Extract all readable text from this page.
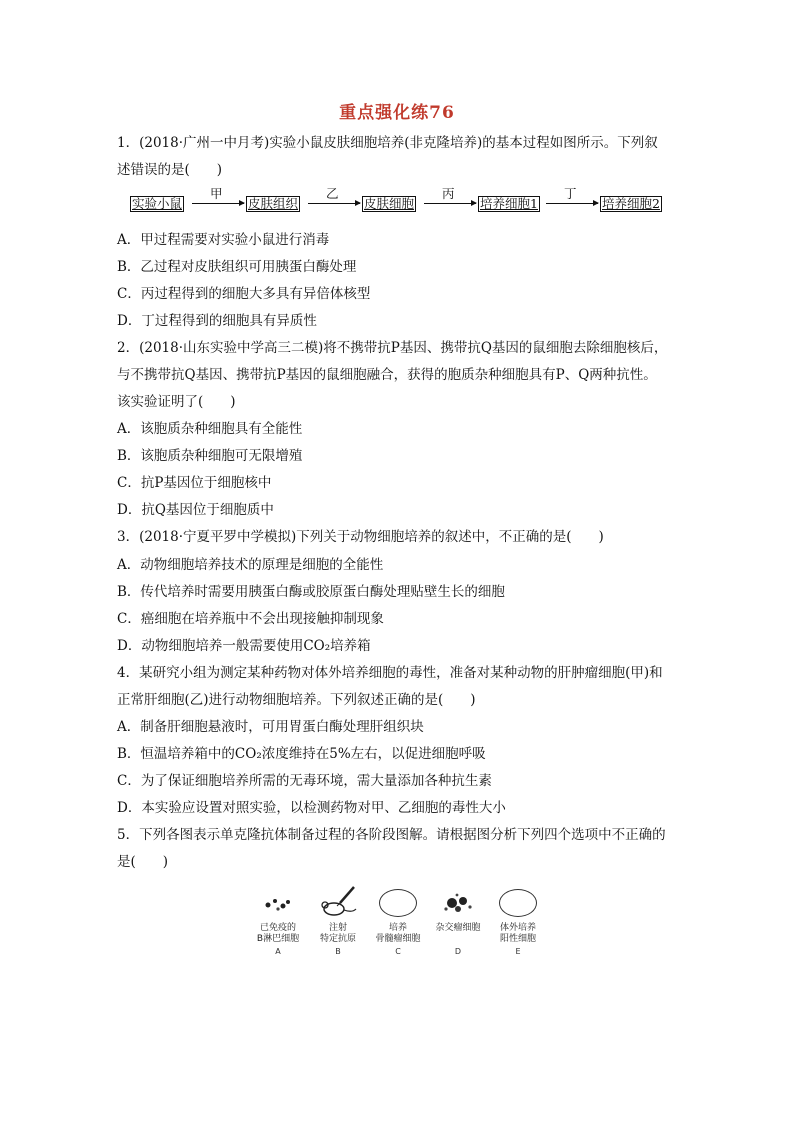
重点强化练76
1．(2018·广州一中月考)实验小鼠皮肤细胞培养(非克隆培养)的基本过程如图所示。下列叙
述错误的是(　　)
实验小鼠
甲
皮肤组织
乙
皮肤细胞
丙
培养细胞1
丁
培养细胞2
A．甲过程需要对实验小鼠进行消毒
B．乙过程对皮肤组织可用胰蛋白酶处理
C．丙过程得到的细胞大多具有异倍体核型
D．丁过程得到的细胞具有异质性
2．(2018·山东实验中学高三二模)将不携带抗P基因、携带抗Q基因的鼠细胞去除细胞核后，
与不携带抗Q基因、携带抗P基因的鼠细胞融合，获得的胞质杂种细胞具有P、Q两种抗性。
该实验证明了(　　)
A．该胞质杂种细胞具有全能性
B．该胞质杂种细胞可无限增殖
C．抗P基因位于细胞核中
D．抗Q基因位于细胞质中
3．(2018·宁夏平罗中学模拟)下列关于动物细胞培养的叙述中，不正确的是(　　)
A．动物细胞培养技术的原理是细胞的全能性
B．传代培养时需要用胰蛋白酶或胶原蛋白酶处理贴壁生长的细胞
C．癌细胞在培养瓶中不会出现接触抑制现象
D．动物细胞培养一般需要使用CO₂培养箱
4．某研究小组为测定某种药物对体外培养细胞的毒性，准备对某种动物的肝肿瘤细胞(甲)和
正常肝细胞(乙)进行动物细胞培养。下列叙述正确的是(　　)
A．制备肝细胞悬液时，可用胃蛋白酶处理肝组织块
B．恒温培养箱中的CO₂浓度维持在5%左右，以促进细胞呼吸
C．为了保证细胞培养所需的无毒环境，需大量添加各种抗生素
D．本实验应设置对照实验，以检测药物对甲、乙细胞的毒性大小
5．下列各图表示单克隆抗体制备过程的各阶段图解。请根据图分析下列四个选项中不正确的
是(　　)
已免疫的
B淋巴细胞
A
注射
特定抗原
B
培养
骨髓瘤细胞
C
杂交瘤细胞
D
体外培养
阳性细胞
E
